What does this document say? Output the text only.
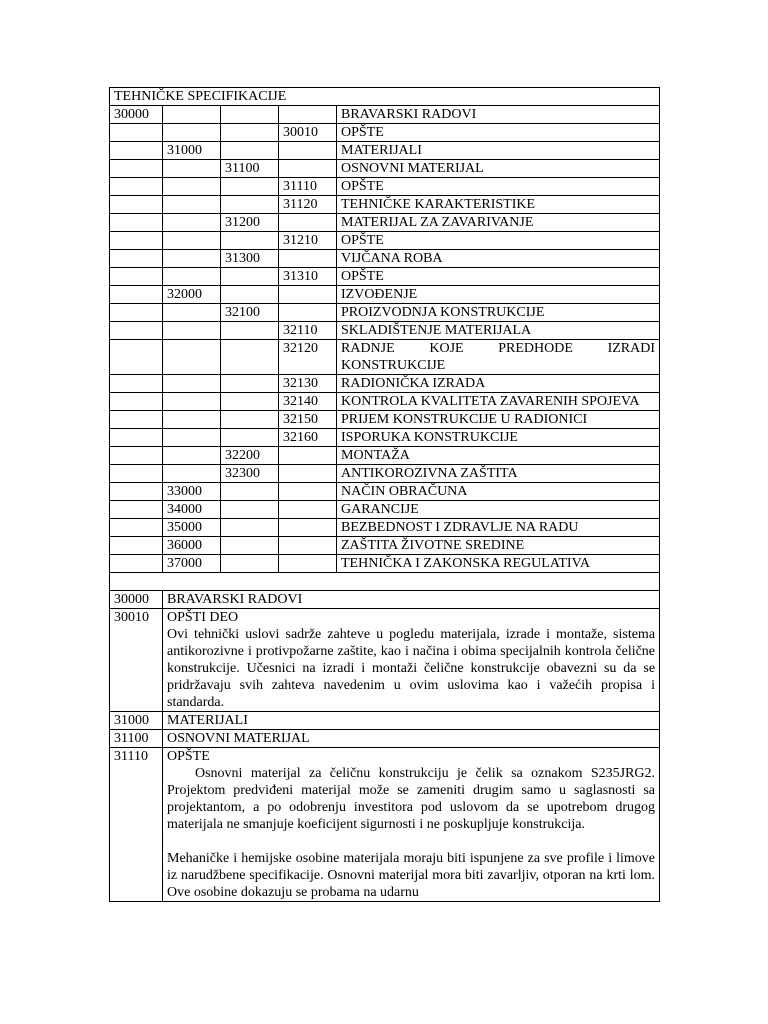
TEHNIČKE SPECIFIKACIJE				
30000				BRAVARSKI RADOVI
			30010	OPŠTE
	31000			MATERIJALI
		31100		OSNOVNI MATERIJAL
			31110	OPŠTE
			31120	TEHNIČKE KARAKTERISTIKE
		31200		MATERIJAL ZA ZAVARIVANJE
			31210	OPŠTE
		31300		VIJČANA ROBA
			31310	OPŠTE
	32000			IZVOĐENJE
		32100		PROIZVODNJA KONSTRUKCIJE
			32110	SKLADIŠTENJE MATERIJALA
			32120	RADNJE KOJE PREDHODE IZRADI KONSTRUKCIJE
			32130	RADIONIČKA IZRADA
			32140	KONTROLA KVALITETA ZAVARENIH SPOJEVA
			32150	PRIJEM KONSTRUKCIJE U RADIONICI
			32160	ISPORUKA KONSTRUKCIJE
		32200		MONTAŽA
		32300		ANTIKOROZIVNA ZAŠTITA
	33000			NAČIN OBRAČUNA
	34000			GARANCIJE
	35000			BEZBEDNOST I ZDRAVLJE NA RADU
	36000			ZAŠTITA ŽIVOTNE SREDINE
	37000			TEHNIČKA I ZAKONSKA REGULATIVA

30000	BRAVARSKI RADOVI			
30010	OPŠTI DEO

Ovi tehnički uslovi sadrže zahteve u pogledu materijala, izrade i montaže, sistema antikorozivne i protivpožarne zaštite, kao i načina i obima specijalnih kontrola čelične konstrukcije. Učesnici na izradi i montaži čelične konstrukcije obavezni su da se pridržavaju svih zahteva navedenim u ovim uslovima kao i važećih propisa i standarda.			

31000	MATERIJALI			
31100	OSNOVNI MATERIJAL			
31110	OPŠTE

Osnovni materijal za čeličnu konstrukciju je čelik sa oznakom S235JRG2. Projektom predviđeni materijal može se zameniti drugim samo u saglasnosti sa projektantom, a po odobrenju investitora pod uslovom da se upotrebom drugog materijala ne smanjuje koeficijent sigurnosti i ne poskupljuje konstrukcija.

Mehaničke i hemijske osobine materijala moraju biti ispunjene za sve profile i limove iz narudžbene specifikacije. Osnovni materijal mora biti zavarljiv, otporan na krti lom. Ove osobine dokazuju se probama na udarnu			
